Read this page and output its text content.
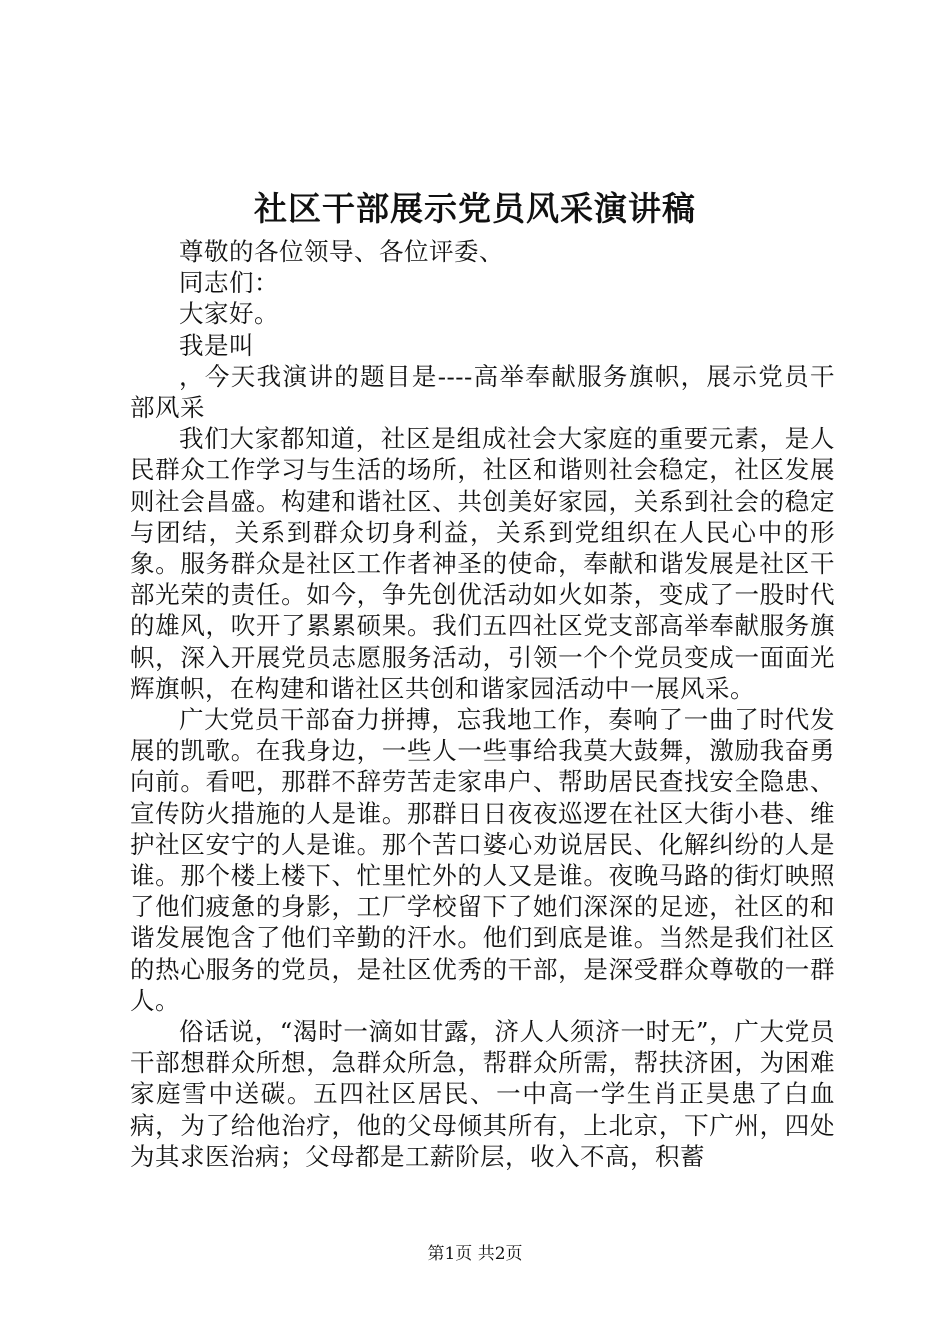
社区干部展示党员风采演讲稿

尊敬的各位领导、各位评委、

同志们：

大家好。

我是叫

，今天我演讲的题目是----高举奉献服务旗帜，展示党员干部风采

我们大家都知道，社区是组成社会大家庭的重要元素，是人民群众工作学习与生活的场所，社区和谐则社会稳定，社区发展则社会昌盛。构建和谐社区、共创美好家园，关系到社会的稳定与团结，关系到群众切身利益，关系到党组织在人民心中的形象。服务群众是社区工作者神圣的使命，奉献和谐发展是社区干部光荣的责任。如今，争先创优活动如火如荼，变成了一股时代的雄风，吹开了累累硕果。我们五四社区党支部高举奉献服务旗帜，深入开展党员志愿服务活动，引领一个个党员变成一面面光辉旗帜，在构建和谐社区共创和谐家园活动中一展风采。

广大党员干部奋力拼搏，忘我地工作，奏响了一曲了时代发展的凯歌。在我身边，一些人一些事给我莫大鼓舞，激励我奋勇向前。看吧，那群不辞劳苦走家串户、帮助居民查找安全隐患、宣传防火措施的人是谁。那群日日夜夜巡逻在社区大街小巷、维护社区安宁的人是谁。那个苦口婆心劝说居民、化解纠纷的人是谁。那个楼上楼下、忙里忙外的人又是谁。夜晚马路的街灯映照了他们疲惫的身影，工厂学校留下了她们深深的足迹，社区的和谐发展饱含了他们辛勤的汗水。他们到底是谁。当然是我们社区的热心服务的党员，是社区优秀的干部，是深受群众尊敬的一群人。

俗话说，“渴时一滴如甘露，济人人须济一时无”，广大党员干部想群众所想，急群众所急，帮群众所需，帮扶济困，为困难家庭雪中送碳。五四社区居民、一中高一学生肖正昊患了白血病，为了给他治疗，他的父母倾其所有，上北京，下广州，四处为其求医治病；父母都是工薪阶层，收入不高，积蓄

第1页 共2页
